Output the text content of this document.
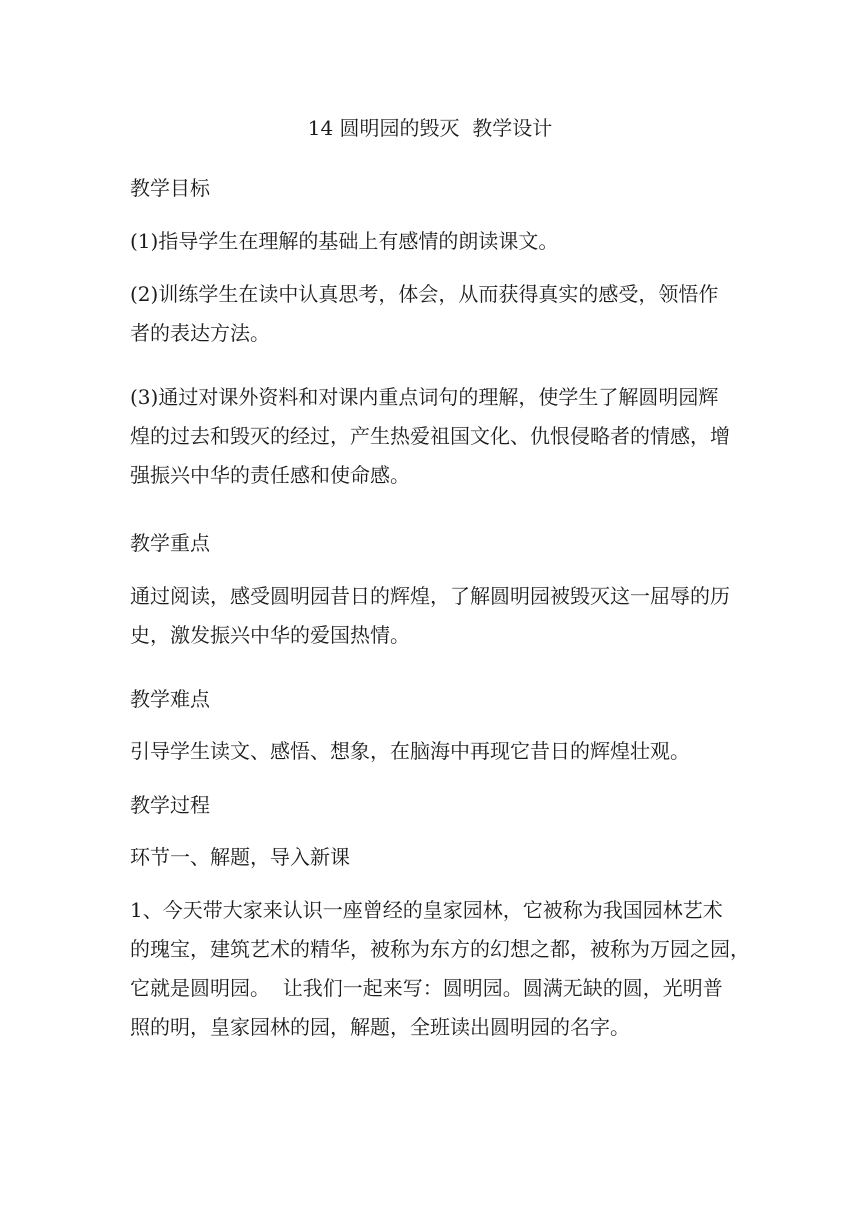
14 圆明园的毁灭  教学设计
教学目标
(1)指导学生在理解的基础上有感情的朗读课文。
(2)训练学生在读中认真思考，体会，从而获得真实的感受，领悟作
者的表达方法。
(3)通过对课外资料和对课内重点词句的理解，使学生了解圆明园辉
煌的过去和毁灭的经过，产生热爱祖国文化、仇恨侵略者的情感，增
强振兴中华的责任感和使命感。
教学重点
通过阅读，感受圆明园昔日的辉煌，了解圆明园被毁灭这一屈辱的历
史，激发振兴中华的爱国热情。
教学难点
引导学生读文、感悟、想象，在脑海中再现它昔日的辉煌壮观。
教学过程
环节一、解题，导入新课
1、今天带大家来认识一座曾经的皇家园林，它被称为我国园林艺术
的瑰宝，建筑艺术的精华，被称为东方的幻想之都，被称为万园之园，
它就是圆明园。  让我们一起来写：圆明园。圆满无缺的圆，光明普
照的明，皇家园林的园，解题，全班读出圆明园的名字。
